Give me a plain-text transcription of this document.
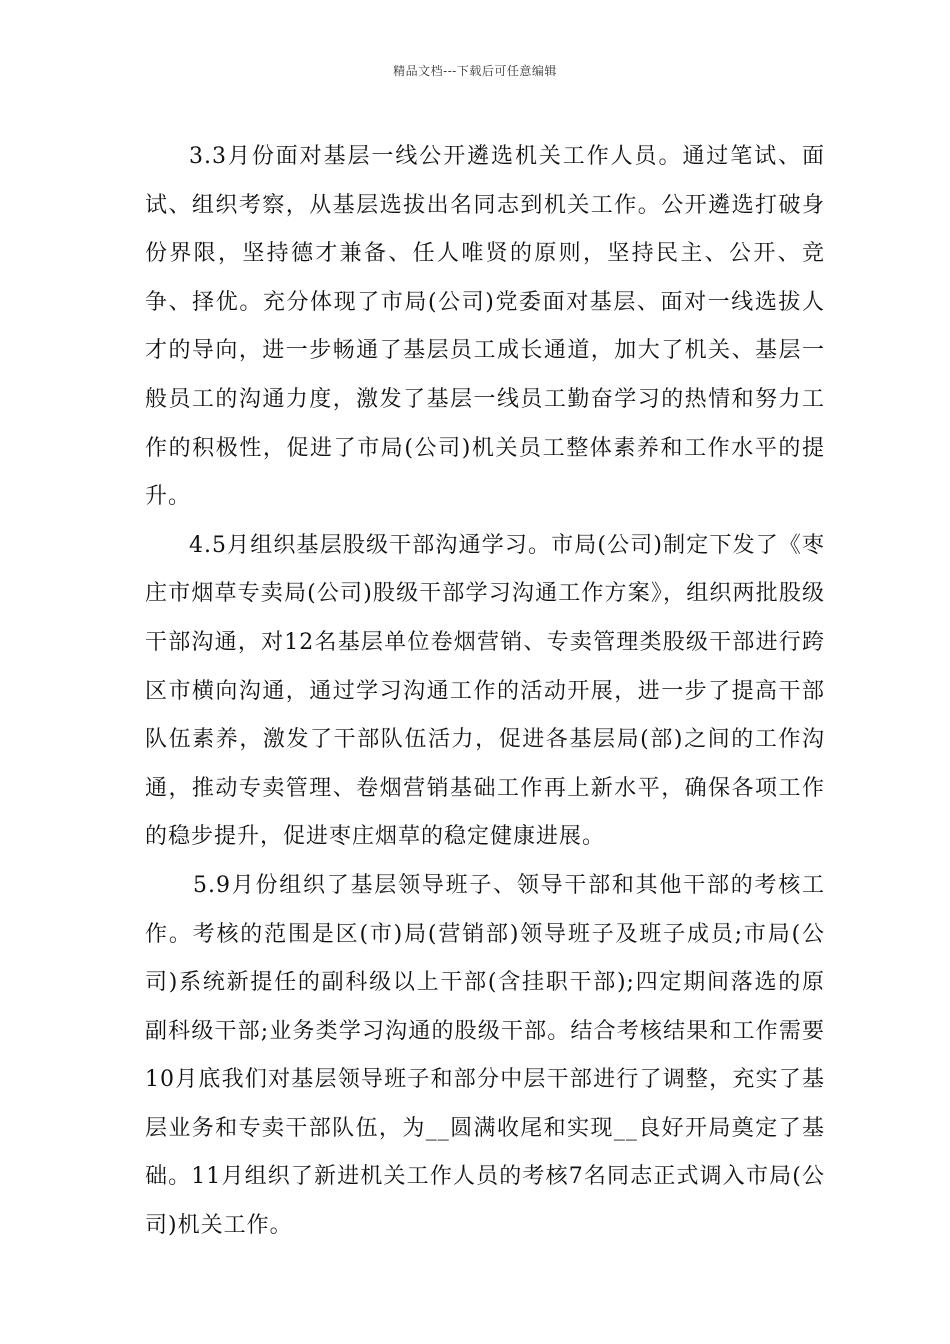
精品文档---下载后可任意编辑

3.3月份面对基层一线公开遴选机关工作人员。通过笔试、面试、组织考察，从基层选拔出名同志到机关工作。公开遴选打破身份界限，坚持德才兼备、任人唯贤的原则，坚持民主、公开、竞争、择优。充分体现了市局(公司)党委面对基层、面对一线选拔人才的导向，进一步畅通了基层员工成长通道，加大了机关、基层一般员工的沟通力度，激发了基层一线员工勤奋学习的热情和努力工作的积极性，促进了市局(公司)机关员工整体素养和工作水平的提升。

4.5月组织基层股级干部沟通学习。市局(公司)制定下发了《枣庄市烟草专卖局(公司)股级干部学习沟通工作方案》，组织两批股级干部沟通，对12名基层单位卷烟营销、专卖管理类股级干部进行跨区市横向沟通，通过学习沟通工作的活动开展，进一步了提高干部队伍素养，激发了干部队伍活力，促进各基层局(部)之间的工作沟通，推动专卖管理、卷烟营销基础工作再上新水平，确保各项工作的稳步提升，促进枣庄烟草的稳定健康进展。

5.9月份组织了基层领导班子、领导干部和其他干部的考核工作。考核的范围是区(市)局(营销部)领导班子及班子成员;市局(公司)系统新提任的副科级以上干部(含挂职干部);四定期间落选的原副科级干部;业务类学习沟通的股级干部。结合考核结果和工作需要10月底我们对基层领导班子和部分中层干部进行了调整，充实了基层业务和专卖干部队伍，为__圆满收尾和实现__良好开局奠定了基础。11月组织了新进机关工作人员的考核7名同志正式调入市局(公司)机关工作。
